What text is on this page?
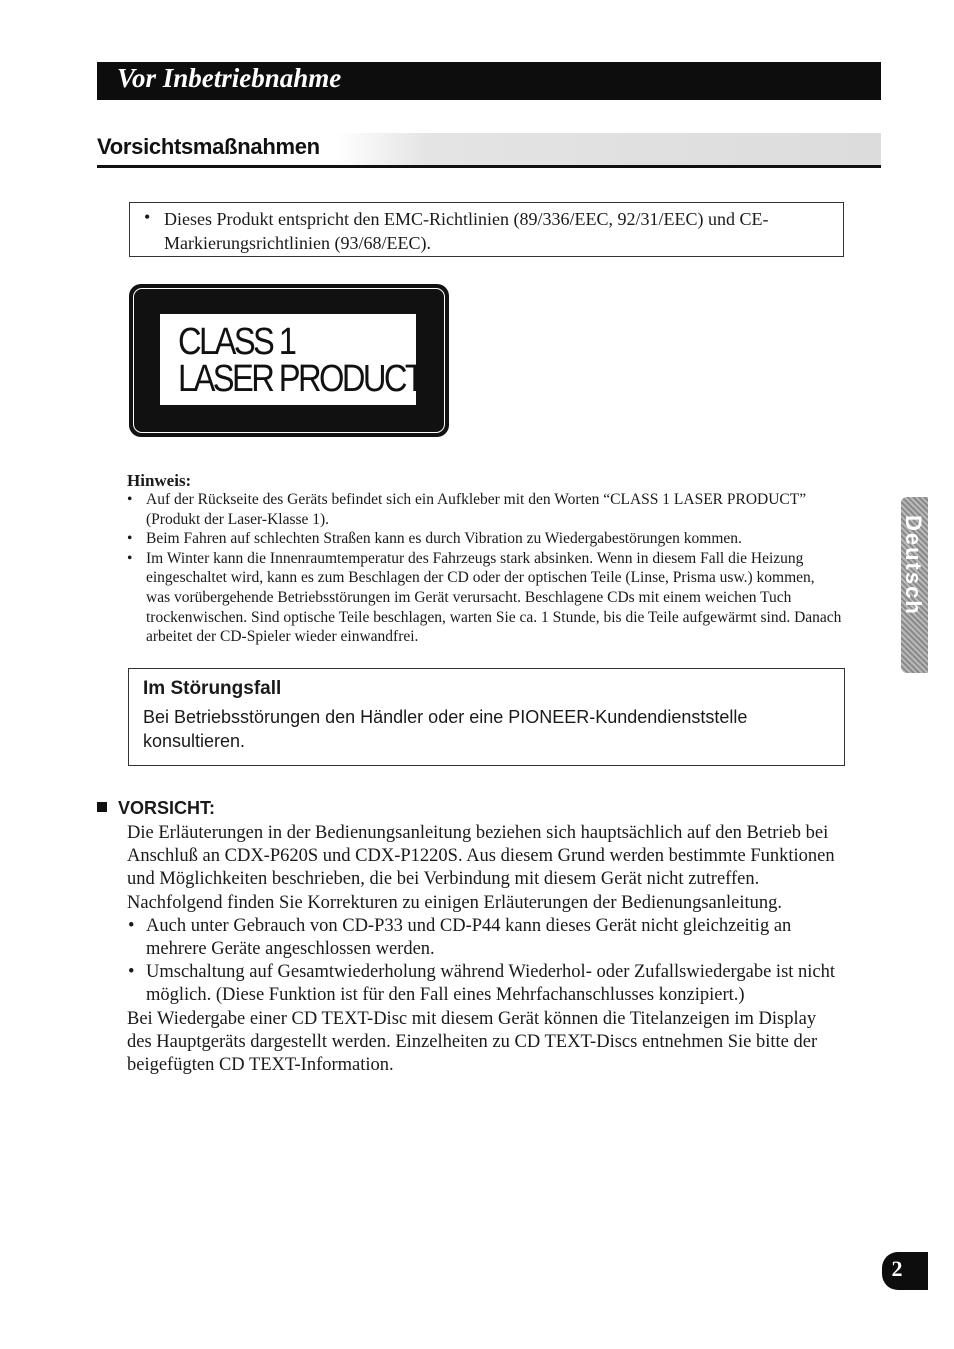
Vor Inbetriebnahme
Vorsichtsmaßnahmen
• Dieses Produkt entspricht den EMC-Richtlinien (89/336/EEC, 92/31/EEC) und CE-Markierungsrichtlinien (93/68/EEC).
CLASS 1
LASER PRODUCT
Hinweis:
• Auf der Rückseite des Geräts befindet sich ein Aufkleber mit den Worten “CLASS 1 LASER PRODUCT” (Produkt der Laser-Klasse 1).
• Beim Fahren auf schlechten Straßen kann es durch Vibration zu Wiedergabestörungen kommen.
• Im Winter kann die Innenraumtemperatur des Fahrzeugs stark absinken. Wenn in diesem Fall die Heizung eingeschaltet wird, kann es zum Beschlagen der CD oder der optischen Teile (Linse, Prisma usw.) kommen, was vorübergehende Betriebsstörungen im Gerät verursacht. Beschlagene CDs mit einem weichen Tuch trockenwischen. Sind optische Teile beschlagen, warten Sie ca. 1 Stunde, bis die Teile aufgewärmt sind. Danach arbeitet der CD-Spieler wieder einwandfrei.
Im Störungsfall
Bei Betriebsstörungen den Händler oder eine PIONEER-Kundendienststelle konsultieren.
VORSICHT:

Die Erläuterungen in der Bedienungsanleitung beziehen sich hauptsächlich auf den Betrieb bei Anschluß an CDX-P620S und CDX-P1220S. Aus diesem Grund werden bestimmte Funktionen und Möglichkeiten beschrieben, die bei Verbindung mit diesem Gerät nicht zutreffen. Nachfolgend finden Sie Korrekturen zu einigen Erläuterungen der Bedienungsanleitung.

• Auch unter Gebrauch von CD-P33 und CD-P44 kann dieses Gerät nicht gleichzeitig an mehrere Geräte angeschlossen werden.
• Umschaltung auf Gesamtwiederholung während Wiederhol- oder Zufallswiedergabe ist nicht möglich. (Diese Funktion ist für den Fall eines Mehrfachanschlusses konzipiert.)

Bei Wiedergabe einer CD TEXT-Disc mit diesem Gerät können die Titelanzeigen im Display des Hauptgeräts dargestellt werden. Einzelheiten zu CD TEXT-Discs entnehmen Sie bitte der beigefügten CD TEXT-Information.

Deutsch
2
